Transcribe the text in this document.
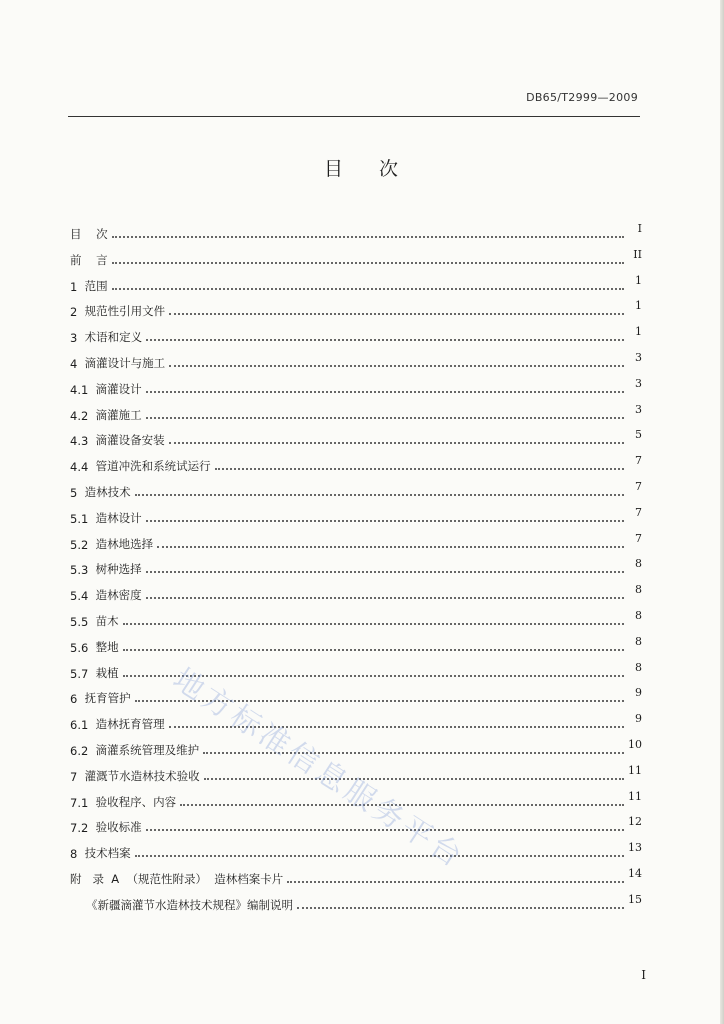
DB65/T2999—2009
目 次
目 次	I
前 言	II
1 范围	1
2 规范性引用文件	1
3 术语和定义	1
4 滴灌设计与施工	3
4.1 滴灌设计	3
4.2 滴灌施工	3
4.3 滴灌设备安装	5
4.4 管道冲洗和系统试运行	7
5 造林技术	7
5.1 造林设计	7
5.2 造林地选择	7
5.3 树种选择	8
5.4 造林密度	8
5.5 苗木	8
5.6 整地	8
5.7 栽植	8
6 抚育管护	9
6.1 造林抚育管理	9
6.2 滴灌系统管理及维护	10
7 灌溉节水造林技术验收	11
7.1 验收程序、内容	11
7.2 验收标准	12
8 技术档案	13
附 录  A  （规范性附录）  造林档案卡片	14
《新疆滴灌节水造林技术规程》编制说明	15
地方标准信息服务平台
I
